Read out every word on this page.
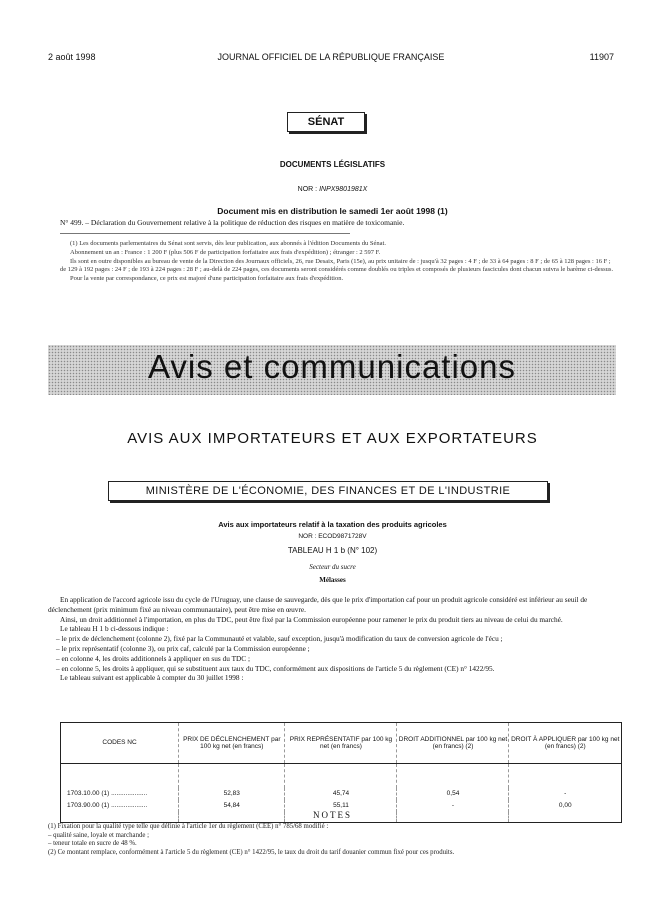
2 août 1998	JOURNAL OFFICIEL DE LA RÉPUBLIQUE FRANÇAISE	11907
SÉNAT
DOCUMENTS LÉGISLATIFS
NOR : INPX9801981X
Document mis en distribution le samedi 1er août 1998 (1)
N° 499. – Déclaration du Gouvernement relative à la politique de réduction des risques en matière de toxicomanie.

(1) Les documents parlementaires du Sénat sont servis, dès leur publication, aux abonnés à l'édition Documents du Sénat.

Abonnement un an : France : 1 200 F (plus 506 F de participation forfaitaire aux frais d'expédition) ; étranger : 2 597 F.

Ils sont en outre disponibles au bureau de vente de la Direction des Journaux officiels, 26, rue Desaix, Paris (15e), au prix unitaire de : jusqu'à 32 pages : 4 F ; de 33 à 64 pages : 8 F ; de 65 à 128 pages : 16 F ; de 129 à 192 pages : 24 F ; de 193 à 224 pages : 28 F ; au-delà de 224 pages, ces documents seront considérés comme doublés ou triples et composés de plusieurs fascicules dont chacun suivra le barème ci-dessus.

Pour la vente par correspondance, ce prix est majoré d'une participation forfaitaire aux frais d'expédition.

Avis et communications
AVIS AUX IMPORTATEURS ET AUX EXPORTATEURS
MINISTÈRE DE L'ÉCONOMIE, DES FINANCES ET DE L'INDUSTRIE
Avis aux importateurs relatif à la taxation des produits agricoles
NOR : ECOD9871728V
TABLEAU H 1 b (N° 102)
Secteur du sucre
Mélasses

En application de l'accord agricole issu du cycle de l'Uruguay, une clause de sauvegarde, dès que le prix d'importation caf pour un produit agricole considéré est inférieur au seuil de déclenchement (prix minimum fixé au niveau communautaire), peut être mise en œuvre.

Ainsi, un droit additionnel à l'importation, en plus du TDC, peut être fixé par la Commission européenne pour ramener le prix du produit tiers au niveau de celui du marché.

Le tableau H 1 b ci-dessous indique :

– le prix de déclenchement (colonne 2), fixé par la Communauté et valable, sauf exception, jusqu'à modification du taux de conversion agricole de l'écu ;

– le prix représentatif (colonne 3), ou prix caf, calculé par la Commission européenne ;

– en colonne 4, les droits additionnels à appliquer en sus du TDC ;

– en colonne 5, les droits à appliquer, qui se substituent aux taux du TDC, conformément aux dispositions de l'article 5 du règlement (CE) n° 1422/95.

Le tableau suivant est applicable à compter du 30 juillet 1998 :

CODES NC	PRIX DE DÉCLENCHEMENT par 100 kg net (en francs)	PRIX REPRÉSENTATIF par 100 kg net (en francs)	DROIT ADDITIONNEL par 100 kg net (en francs) (2)	DROIT À APPLIQUER par 100 kg net (en francs) (2)

1703.10.00 (1) ....................	52,83	45,74	0,54	-
1703.90.00 (1) ....................	54,84	55,11	-	0,00

NOTES

(1) Fixation pour la qualité type telle que définie à l'article 1er du règlement (CEE) n° 785/68 modifié :

– qualité saine, loyale et marchande ;

– teneur totale en sucre de 48 %.

(2) Ce montant remplace, conformément à l'article 5 du règlement (CE) n° 1422/95, le taux du droit du tarif douanier commun fixé pour ces produits.
